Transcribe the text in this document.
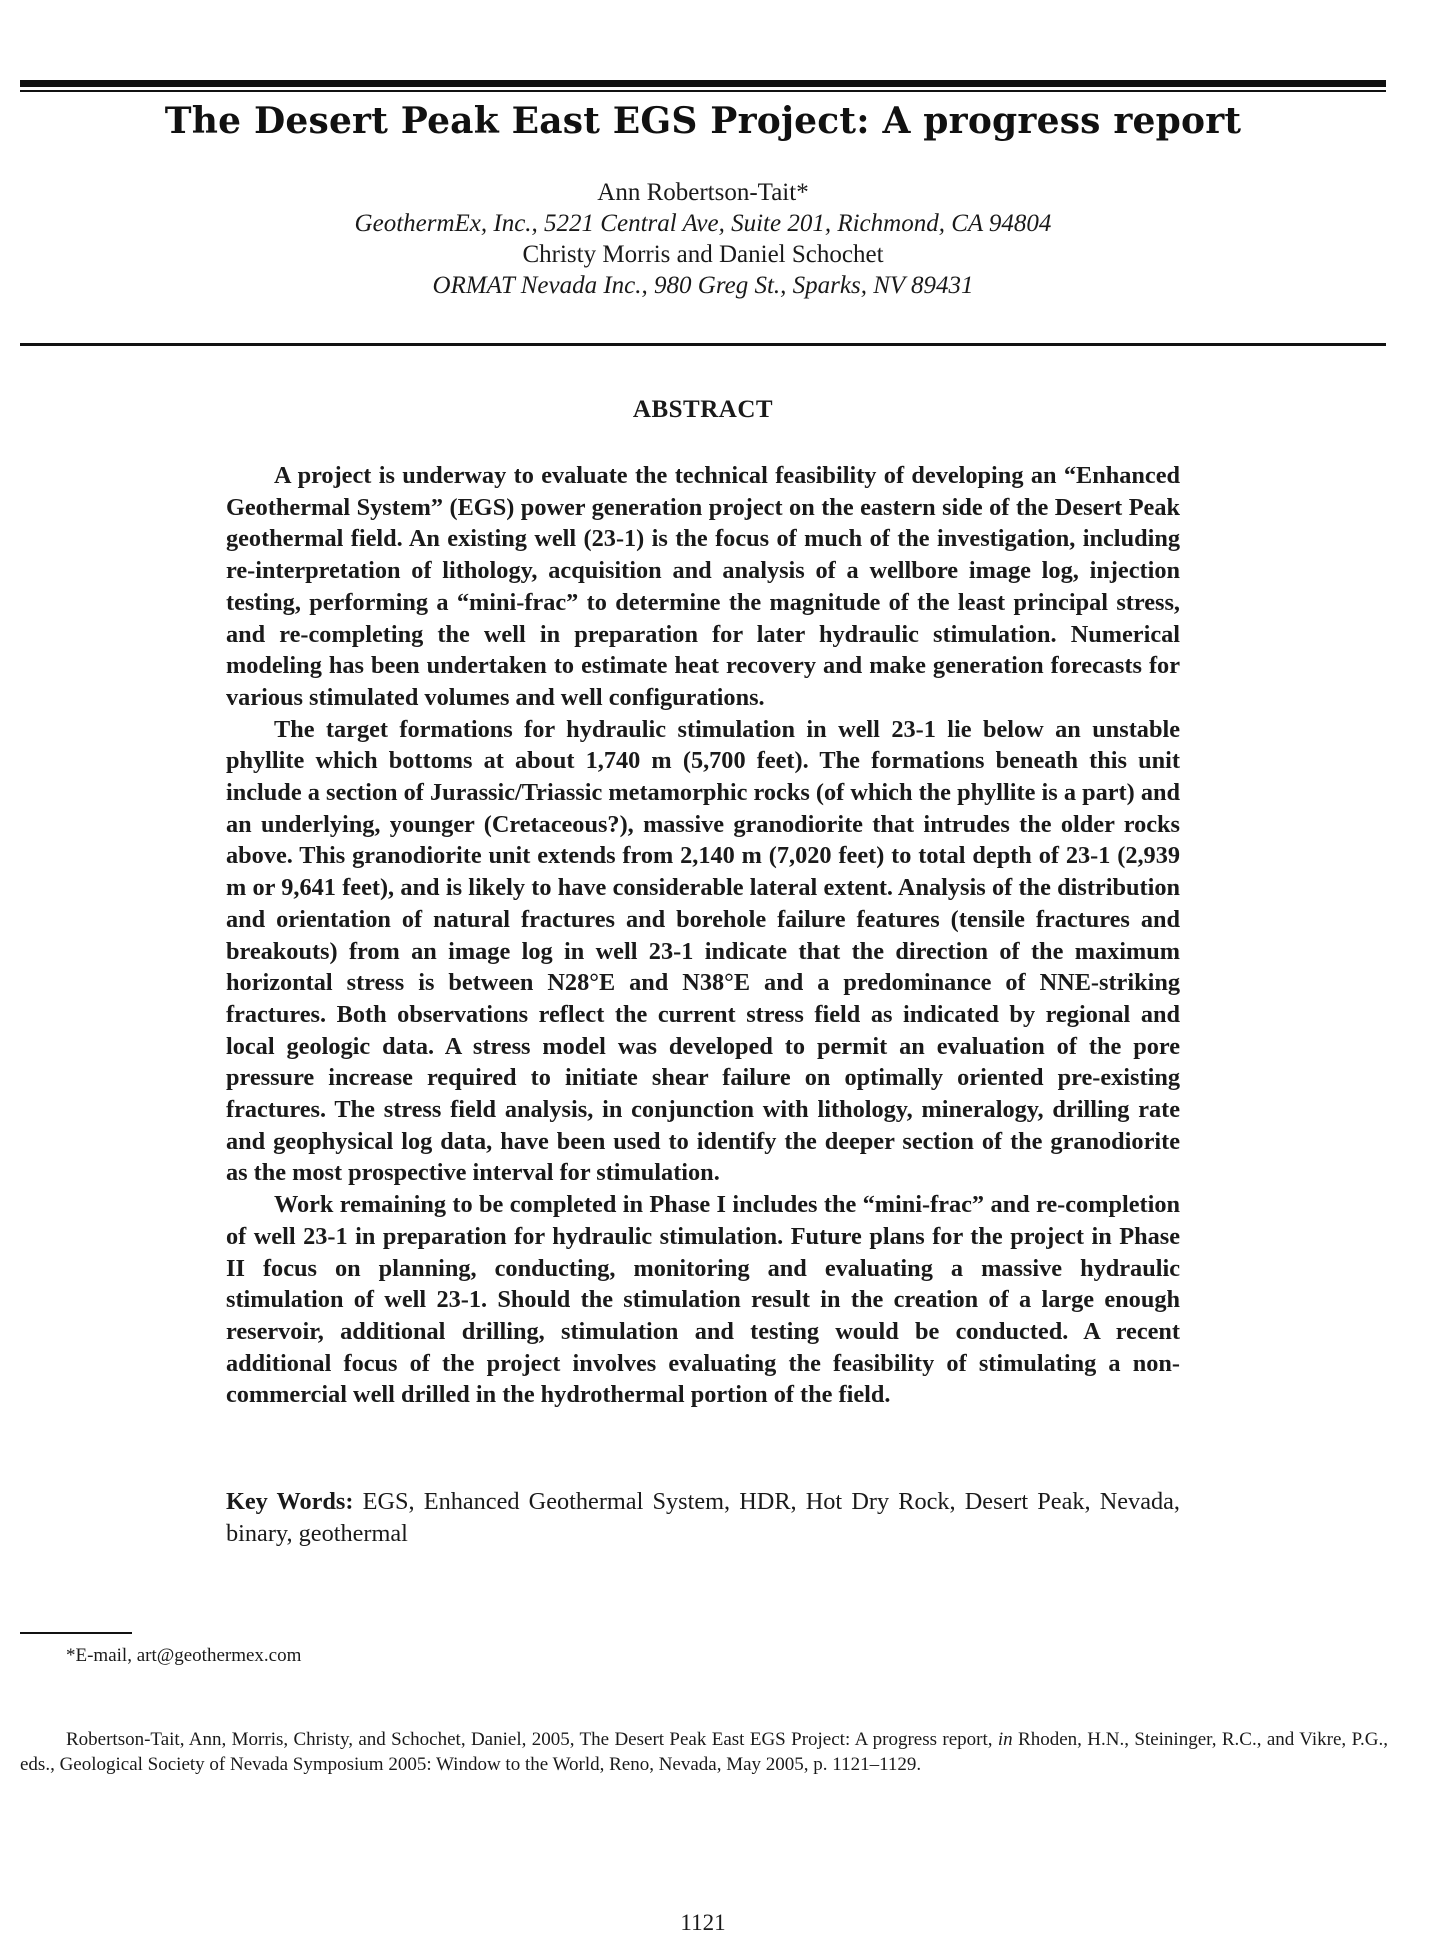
The Desert Peak East EGS Project: A progress report
Ann Robertson-Tait*
GeothermEx, Inc., 5221 Central Ave, Suite 201, Richmond, CA 94804
Christy Morris and Daniel Schochet
ORMAT Nevada Inc., 980 Greg St., Sparks, NV 89431
ABSTRACT

A project is underway to evaluate the technical feasibility of developing an “Enhanced Geothermal System” (EGS) power generation project on the eastern side of the Desert Peak geothermal field. An existing well (23-1) is the focus of much of the investigation, including re-interpretation of lithology, acquisition and analysis of a wellbore image log, injection testing, performing a “mini-frac” to determine the magnitude of the least principal stress, and re-completing the well in preparation for later hydraulic stimulation. Numerical modeling has been undertaken to estimate heat recovery and make generation forecasts for various stimulated volumes and well configurations.

The target formations for hydraulic stimulation in well 23-1 lie below an unstable phyllite which bottoms at about 1,740 m (5,700 feet). The formations beneath this unit include a section of Jurassic/Triassic metamorphic rocks (of which the phyllite is a part) and an underlying, younger (Cretaceous?), massive granodiorite that intrudes the older rocks above. This granodiorite unit extends from 2,140 m (7,020 feet) to total depth of 23-1 (2,939 m or 9,641 feet), and is likely to have considerable lateral extent. Analysis of the distribution and orientation of natural fractures and borehole failure features (tensile fractures and breakouts) from an image log in well 23-1 indicate that the direction of the maximum horizontal stress is between N28°E and N38°E and a predominance of NNE-striking fractures. Both observations reflect the current stress field as indicated by regional and local geologic data. A stress model was developed to permit an evaluation of the pore pressure increase required to initiate shear failure on optimally oriented pre-existing fractures. The stress field analysis, in conjunction with lithology, mineralogy, drilling rate and geophysical log data, have been used to identify the deeper section of the granodiorite as the most prospective interval for stimulation.

Work remaining to be completed in Phase I includes the “mini-frac” and re-completion of well 23-1 in preparation for hydraulic stimulation. Future plans for the project in Phase II focus on planning, conducting, monitoring and evaluating a massive hydraulic stimulation of well 23-1. Should the stimulation result in the creation of a large enough reservoir, additional drilling, stimulation and testing would be conducted. A recent additional focus of the project involves evaluating the feasibility of stimulating a non-commercial well drilled in the hydrothermal portion of the field.

Key Words: EGS, Enhanced Geothermal System, HDR, Hot Dry Rock, Desert Peak, Nevada, binary, geothermal
*E-mail, art@geothermex.com
Robertson-Tait, Ann, Morris, Christy, and Schochet, Daniel, 2005, The Desert Peak East EGS Project: A progress report, in Rhoden, H.N., Steininger, R.C., and Vikre, P.G., eds., Geological Society of Nevada Symposium 2005: Window to the World, Reno, Nevada, May 2005, p. 1121–1129.
1121
